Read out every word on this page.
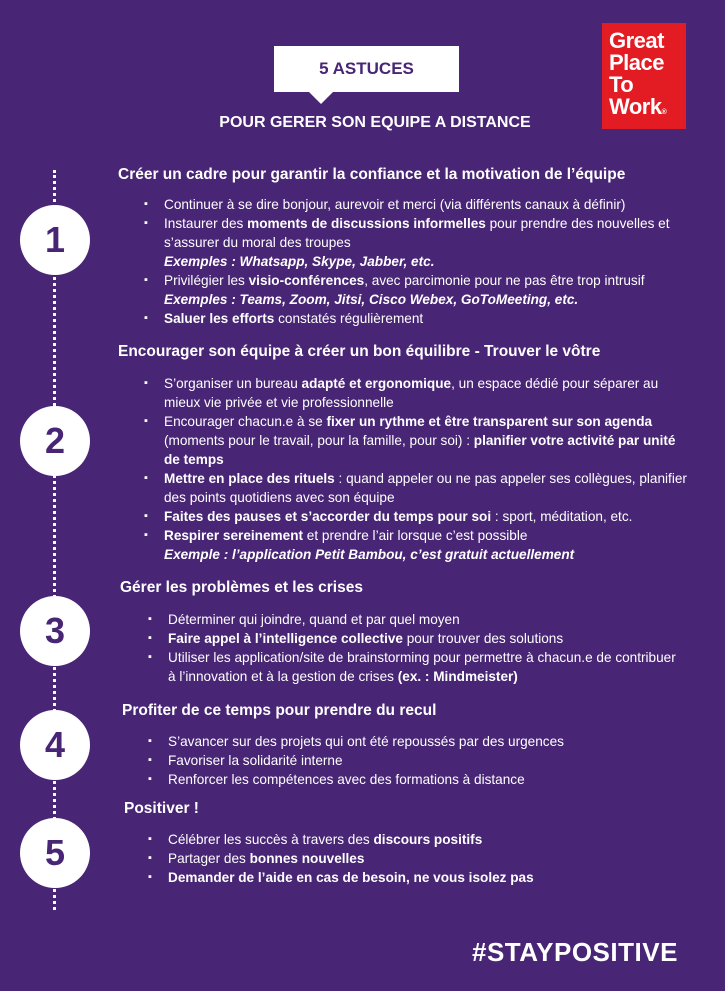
5 ASTUCES
POUR GERER SON EQUIPE A DISTANCE
Great
Place
To
Work®
1
Créer un cadre pour garantir la confiance et la motivation de l’équipe
▪ Continuer à se dire bonjour, aurevoir et merci (via différents canaux à définir)
▪ Instaurer des moments de discussions informelles pour prendre des nouvelles et s’assurer du moral des troupes
Exemples : Whatsapp, Skype, Jabber, etc.
▪ Privilégier les visio-conférences, avec parcimonie pour ne pas être trop intrusif
Exemples : Teams, Zoom, Jitsi, Cisco Webex, GoToMeeting, etc.
▪ Saluer les efforts constatés régulièrement
2
Encourager son équipe à créer un bon équilibre - Trouver le vôtre
▪ S’organiser un bureau adapté et ergonomique, un espace dédié pour séparer au mieux vie privée et vie professionnelle
▪ Encourager chacun.e à se fixer un rythme et être transparent sur son agenda (moments pour le travail, pour la famille, pour soi) : planifier votre activité par unité de temps
▪ Mettre en place des rituels : quand appeler ou ne pas appeler ses collègues, planifier des points quotidiens avec son équipe
▪ Faites des pauses et s’accorder du temps pour soi : sport, méditation, etc.
▪ Respirer sereinement et prendre l’air lorsque c’est possible
Exemple : l’application Petit Bambou, c’est gratuit actuellement
3
Gérer les problèmes et les crises
▪ Déterminer qui joindre, quand et par quel moyen
▪ Faire appel à l’intelligence collective pour trouver des solutions
▪ Utiliser les application/site de brainstorming pour permettre à chacun.e de contribuer à l’innovation et à la gestion de crises (ex. : Mindmeister)
4
Profiter de ce temps pour prendre du recul
▪ S’avancer sur des projets qui ont été repoussés par des urgences
▪ Favoriser la solidarité interne
▪ Renforcer les compétences avec des formations à distance
5
Positiver !
▪ Célébrer les succès à travers des discours positifs
▪ Partager des bonnes nouvelles
▪ Demander de l’aide en cas de besoin, ne vous isolez pas
#STAYPOSITIVE
